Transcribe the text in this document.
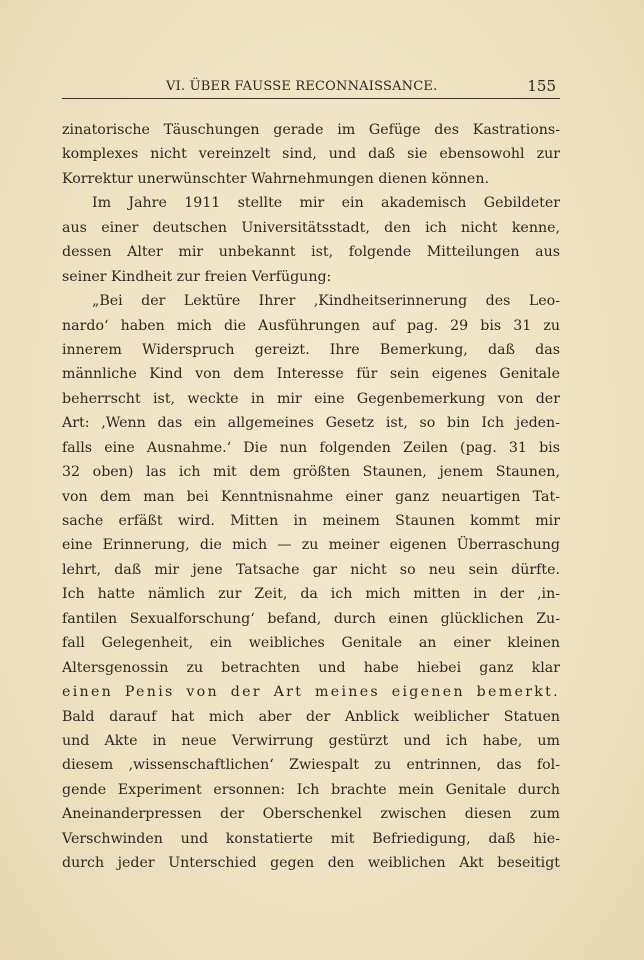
VI. ÜBER FAUSSE RECONNAISSANCE.	155
zinatorische Täuschungen gerade im Gefüge des Kastrations-
komplexes nicht vereinzelt sind, und daß sie ebensowohl zur
Korrektur unerwünschter Wahrnehmungen dienen können.
Im Jahre 1911 stellte mir ein akademisch Gebildeter
aus einer deutschen Universitätsstadt, den ich nicht kenne,
dessen Alter mir unbekannt ist, folgende Mitteilungen aus
seiner Kindheit zur freien Verfügung:
„Bei der Lektüre Ihrer ‚Kindheitserinnerung des Leo-
nardo‘ haben mich die Ausführungen auf pag. 29 bis 31 zu
innerem Widerspruch gereizt. Ihre Bemerkung, daß das
männliche Kind von dem Interesse für sein eigenes Genitale
beherrscht ist, weckte in mir eine Gegenbemerkung von der
Art: ‚Wenn das ein allgemeines Gesetz ist, so bin Ich jeden-
falls eine Ausnahme.‘ Die nun folgenden Zeilen (pag. 31 bis
32 oben) las ich mit dem größten Staunen, jenem Staunen,
von dem man bei Kenntnisnahme einer ganz neuartigen Tat-
sache erfäßt wird. Mitten in meinem Staunen kommt mir
eine Erinnerung, die mich — zu meiner eigenen Überraschung
lehrt, daß mir jene Tatsache gar nicht so neu sein dürfte.
Ich hatte nämlich zur Zeit, da ich mich mitten in der ‚in-
fantilen Sexualforschung‘ befand, durch einen glücklichen Zu-
fall Gelegenheit, ein weibliches Genitale an einer kleinen
Altersgenossin zu betrachten und habe hiebei ganz klar
einen Penis von der Art meines eigenen bemerkt.
Bald darauf hat mich aber der Anblick weiblicher Statuen
und Akte in neue Verwirrung gestürzt und ich habe, um
diesem ‚wissenschaftlichen‘ Zwiespalt zu entrinnen, das fol-
gende Experiment ersonnen: Ich brachte mein Genitale durch
Aneinanderpressen der Oberschenkel zwischen diesen zum
Verschwinden und konstatierte mit Befriedigung, daß hie-
durch jeder Unterschied gegen den weiblichen Akt beseitigt
